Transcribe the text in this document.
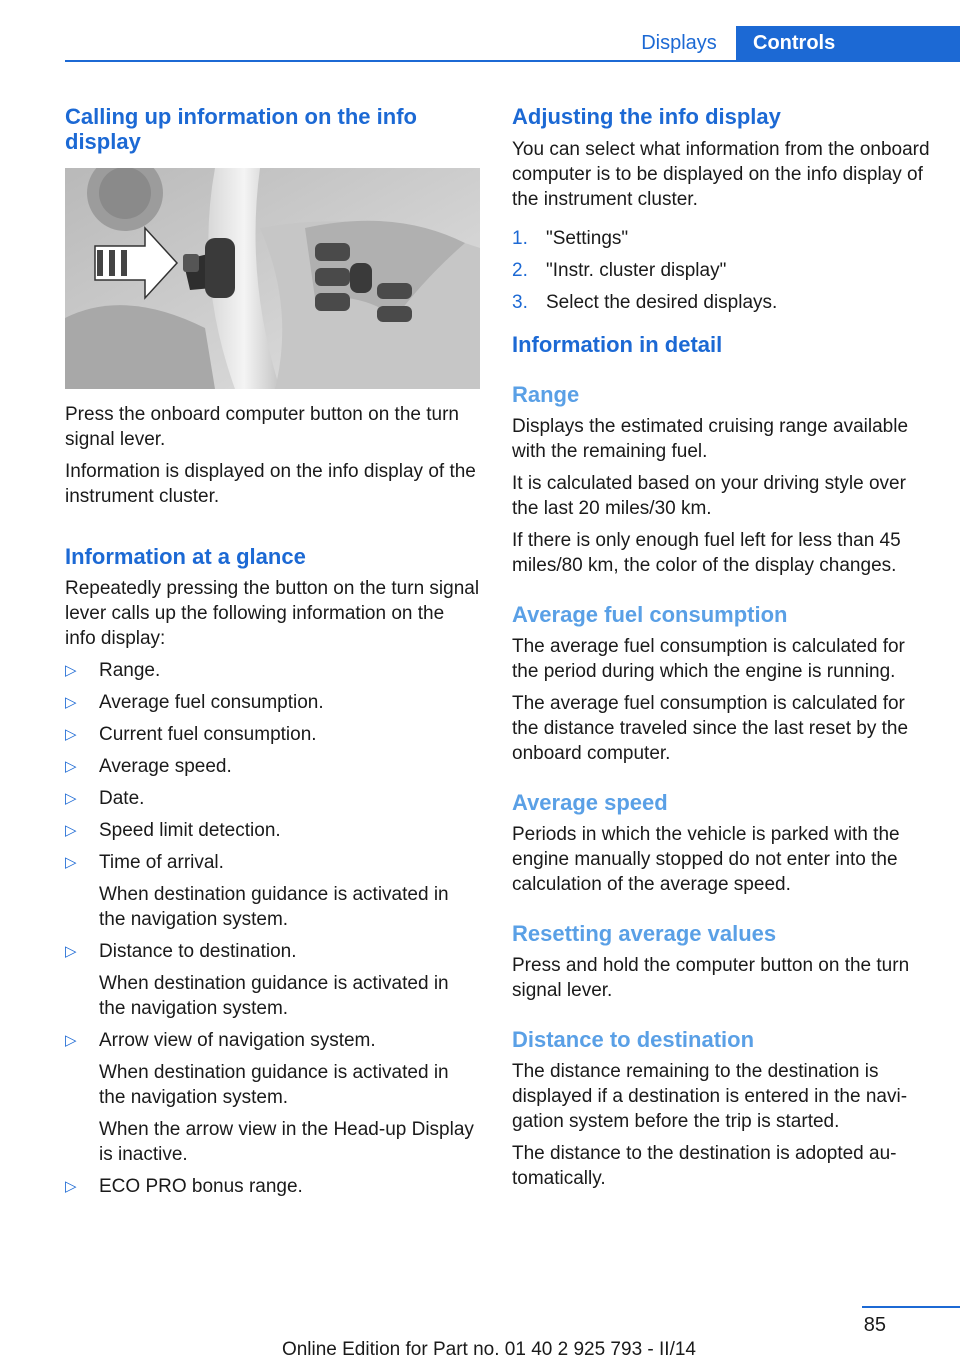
Displays	Controls
Calling up information on the info display

Press the onboard computer button on the turn signal lever.

Information is displayed on the info display of the instrument cluster.

Information at a glance

Repeatedly pressing the button on the turn signal lever calls up the following information on the info display:

▷ Range.
▷ Average fuel consumption.
▷ Current fuel consumption.
▷ Average speed.
▷ Date.
▷ Speed limit detection.
▷ Time of arrival.
When destination guidance is activated in the navigation system.
▷ Distance to destination.
When destination guidance is activated in the navigation system.
▷ Arrow view of navigation system.
When destination guidance is activated in the navigation system.
When the arrow view in the Head-up Display is inactive.
▷ ECO PRO bonus range.
Adjusting the info display

You can select what information from the onboard computer is to be displayed on the info display of the instrument cluster.

1. "Settings"
2. "Instr. cluster display"
3. Select the desired displays.
Information in detail
Range

Displays the estimated cruising range available with the remaining fuel.

It is calculated based on your driving style over the last 20 miles/30 km.

If there is only enough fuel left for less than 45 miles/80 km, the color of the display changes.

Average fuel consumption

The average fuel consumption is calculated for the period during which the engine is running.

The average fuel consumption is calculated for the distance traveled since the last reset by the onboard computer.

Average speed

Periods in which the vehicle is parked with the engine manually stopped do not enter into the calculation of the average speed.

Resetting average values

Press and hold the computer button on the turn signal lever.

Distance to destination

The distance remaining to the destination is displayed if a destination is entered in the navigation system before the trip is started.

The distance to the destination is adopted automatically.

85
Online Edition for Part no. 01 40 2 925 793 - II/14
